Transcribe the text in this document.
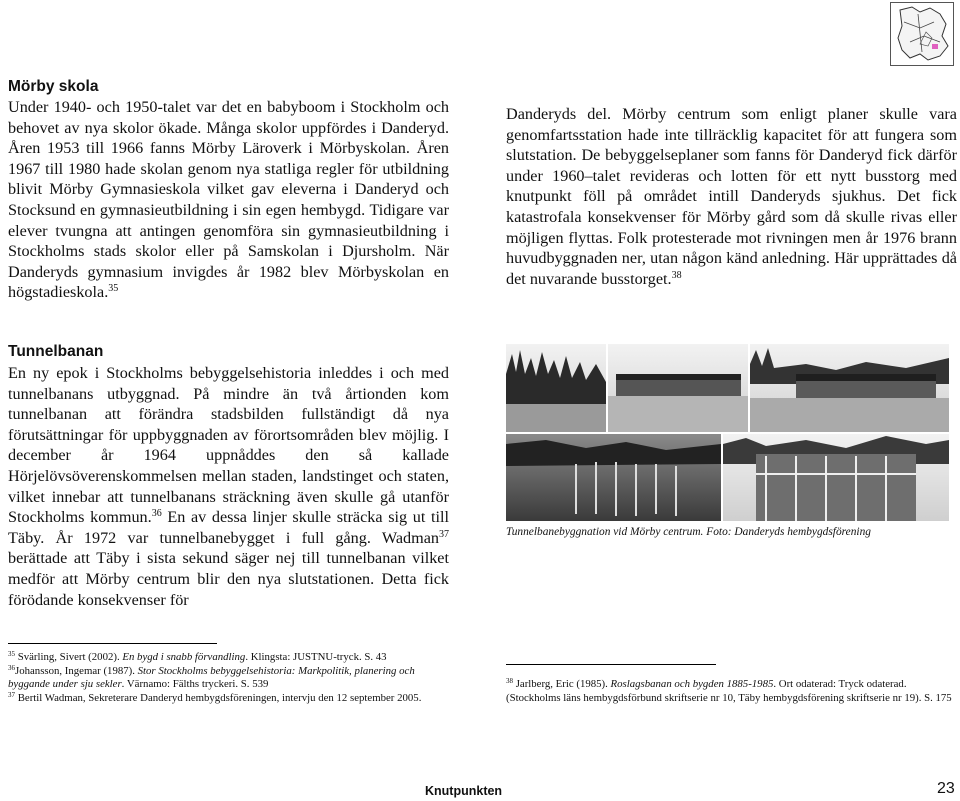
Mörby skola

Under 1940- och 1950-talet var det en babyboom i Stockholm och behovet av nya skolor ökade. Många skolor uppfördes i Danderyd. Åren 1953 till 1966 fanns Mörby Läroverk i Mörbyskolan. Åren 1967 till 1980 hade skolan genom nya statliga regler för utbildning blivit Mörby Gymnasieskola vilket gav eleverna i Danderyd och Stocksund en gymnasieutbildning i sin egen hembygd. Tidigare var elever tvungna att antingen genomföra sin gymnasieutbildning i Stockholms stads skolor eller på Samskolan i Djursholm. När Danderyds gymnasium invigdes år 1982 blev Mörbyskolan en högstadieskola.$^{35}$

Tunnelbanan

En ny epok i Stockholms bebyggelsehistoria inleddes i och med tunnelbanans utbyggnad. På mindre än två årtionden kom tunnelbanan att förändra stadsbilden fullständigt då nya förutsättningar för uppbyggnaden av förortsområden blev möjlig. I december år 1964 uppnåddes den så kallade Hörjelövsöverenskommelsen mellan staden, landstinget och staten, vilket innebar att tunnelbanans sträckning även skulle gå utanför Stockholms kommun.$^{36}$ En av dessa linjer skulle sträcka sig ut till Täby. År 1972 var tunnelbanebygget i full gång. Wadman$^{37}$ berättade att Täby i sista sekund säger nej till tunnelbanan vilket medför att Mörby centrum blir den nya slutstationen. Detta fick förödande konsekvenser för

Danderyds del. Mörby centrum som enligt planer skulle vara genomfartsstation hade inte tillräcklig kapacitet för att fungera som slutstation. De bebyggelseplaner som fanns för Danderyd fick därför under 1960–talet revideras och lotten för ett nytt busstorg med knutpunkt föll på området intill Danderyds sjukhus. Det fick katastrofala konsekvenser för Mörby gård som då skulle rivas eller möjligen flyttas. Folk protesterade mot rivningen men år 1976 brann huvudbyggnaden ner, utan någon känd anledning. Här upprättades då det nuvarande busstorget.$^{38}$

Tunnelbanebyggnation vid Mörby centrum. Foto: Danderyds hembygdsförening

$^{35}$ Svärling, Sivert (2002). En bygd i snabb förvandling. Klingsta: JUSTNU-tryck. S. 43

$^{36}$Johansson, Ingemar (1987). Stor Stockholms bebyggelsehistoria: Markpolitik, planering och byggande under sju sekler. Värnamo: Fälths tryckeri. S. 539

$^{37}$ Bertil Wadman, Sekreterare Danderyd hembygdsföreningen, intervju den 12 september 2005.

$^{38}$ Jarlberg, Eric (1985). Roslagsbanan och bygden 1885-1985. Ort odaterad: Tryck odaterad. (Stockholms läns hembygdsförbund skriftserie nr 10, Täby hembygdsförening skriftserie nr 19). S. 175

Knutpunkten	23
